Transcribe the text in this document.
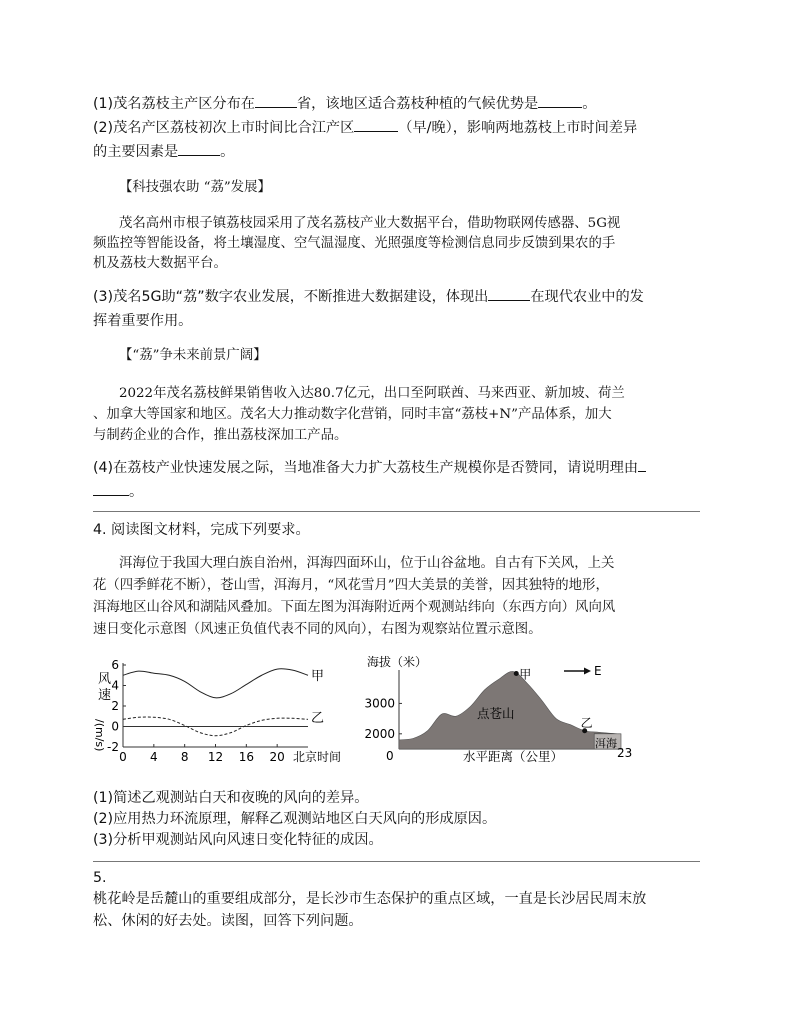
(1)茂名荔枝主产区分布在	省，该地区适合荔枝种植的气候优势是	。
(2)茂名产区荔枝初次上市时间比合江产区	（早/晚），影响两地荔枝上市时间差异
的主要因素是	。
【科技强农助 “荔”发展】
茂名高州市根子镇荔枝园采用了茂名荔枝产业大数据平台，借助物联网传感器、5G视
频监控等智能设备，将土壤湿度、空气温湿度、光照强度等检测信息同步反馈到果农的手
机及荔枝大数据平台。
(3)茂名5G助“荔”数字农业发展，不断推进大数据建设，体现出	在现代农业中的发
挥着重要作用。
【“荔”争未来前景广阔】
2022年茂名荔枝鲜果销售收入达80.7亿元，出口至阿联酋、马来西亚、新加坡、荷兰
、加拿大等国家和地区。茂名大力推动数字化营销，同时丰富“荔枝+N”产品体系，加大
与制药企业的合作，推出荔枝深加工产品。
(4)在荔枝产业快速发展之际，当地准备大力扩大荔枝生产规模你是否赞同，请说明理由
。
4. 阅读图文材料，完成下列要求。
洱海位于我国大理白族自治州，洱海四面环山，位于山谷盆地。自古有下关风，上关
花（四季鲜花不断），苍山雪，洱海月，“风花雪月”四大美景的美誉，因其独特的地形，
洱海地区山谷风和湖陆风叠加。下面左图为洱海附近两个观测站纬向（东西方向）风向风
速日变化示意图（风速正负值代表不同的风向），右图为观察站位置示意图。
风速
/(m/s)
6
4
2
0
-2
0 4 8 12 16 20
甲
乙
北京时间
海拔（米）
3000
2000
甲
乙
点苍山
洱海
E
0	水平距离（公里）	23
(1)简述乙观测站白天和夜晚的风向的差异。
(2)应用热力环流原理，解释乙观测站地区白天风向的形成原因。
(3)分析甲观测站风向风速日变化特征的成因。
5.
桃花岭是岳麓山的重要组成部分，是长沙市生态保护的重点区域，一直是长沙居民周末放
松、休闲的好去处。读图，回答下列问题。
